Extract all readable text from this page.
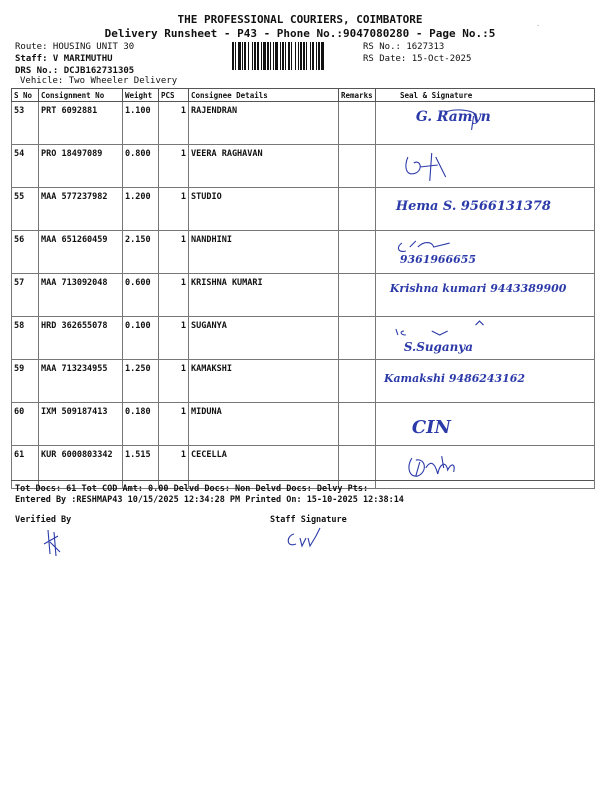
THE PROFESSIONAL COURIERS, COIMBATORE
Delivery Runsheet - P43 - Phone No.:9047080280 - Page No.:5
Route: HOUSING UNIT 30
Staff: V MARIMUTHU
DRS No.: DCJB162731305
Vehicle: Two Wheeler Delivery
RS No.: 1627313
RS Date: 15-Oct-2025
·
S No	Consignment No	Weight	PCS	Consignee Details	Remarks	Seal & Signature
53	PRT 6092881	1.100	1	RAJENDRAN		G. Ramyn

54	PRO 18497089	0.800	1	VEERA RAGHAVAN		

55	MAA 577237982	1.200	1	STUDIO		Hema S. 9566131378

56	MAA 651260459	2.150	1	NANDHINI		9361966655

57	MAA 713092048	0.600	1	KRISHNA KUMARI		Krishna kumari 9443389900

58	HRD 362655078	0.100	1	SUGANYA		S.Suganya

59	MAA 713234955	1.250	1	KAMAKSHI		Kamakshi 9486243162

60	IXM 509187413	0.180	1	MIDUNA		CIN

61	KUR 6000803342	1.515	1	CECELLA		
Tot Docs: 61 Tot COD Amt: 0.00 Delvd Docs: Non Delvd Docs: Delvy Pts:
Entered By :RESHMAP43 10/15/2025 12:34:28 PM Printed On: 15-10-2025 12:38:14
Verified By	Staff Signature
